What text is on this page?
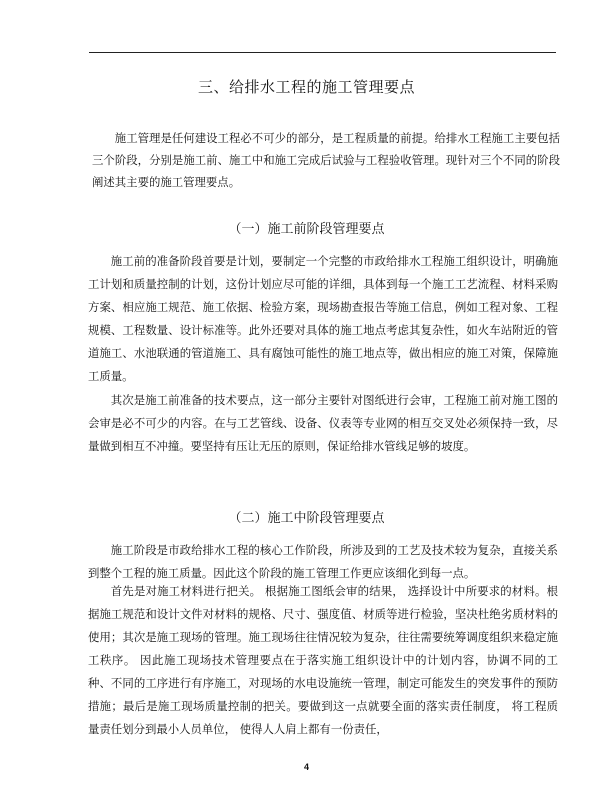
三、给排水工程的施工管理要点

施工管理是任何建设工程必不可少的部分，是工程质量的前提。给排水工程施工主要包括三个阶段，分别是施工前、施工中和施工完成后试验与工程验收管理。现针对三个不同的阶段阐述其主要的施工管理要点。

（一）施工前阶段管理要点

施工前的准备阶段首要是计划，要制定一个完整的市政给排水工程施工组织设计，明确施工计划和质量控制的计划，这份计划应尽可能的详细，具体到每一个施工工艺流程、材料采购方案、相应施工规范、施工依据、检验方案，现场勘查报告等施工信息，例如工程对象、工程规模、工程数量、设计标准等。此外还要对具体的施工地点考虑其复杂性，如火车站附近的管道施工、水池联通的管道施工、具有腐蚀可能性的施工地点等，做出相应的施工对策，保障施工质量。

其次是施工前准备的技术要点，这一部分主要针对图纸进行会审，工程施工前对施工图的会审是必不可少的内容。在与工艺管线、设备、仪表等专业网的相互交叉处必须保持一致，尽量做到相互不冲撞。要坚持有压让无压的原则，保证给排水管线足够的坡度。

（二）施工中阶段管理要点

施工阶段是市政给排水工程的核心工作阶段，所涉及到的工艺及技术较为复杂，直接关系到整个工程的施工质量。因此这个阶段的施工管理工作更应该细化到每一点。

首先是对施工材料进行把关。 根据施工图纸会审的结果， 选择设计中所要求的材料。根据施工规范和设计文件对材料的规格、尺寸、强度值、材质等进行检验，坚决杜绝劣质材料的使用；其次是施工现场的管理。施工现场往往情况较为复杂，往往需要统筹调度组织来稳定施工秩序。 因此施工现场技术管理要点在于落实施工组织设计中的计划内容，协调不同的工种、不同的工序进行有序施工，对现场的水电设施统一管理，制定可能发生的突发事件的预防措施；最后是施工现场质量控制的把关。要做到这一点就要全面的落实责任制度， 将工程质量责任划分到最小人员单位， 使得人人肩上都有一份责任，

4
